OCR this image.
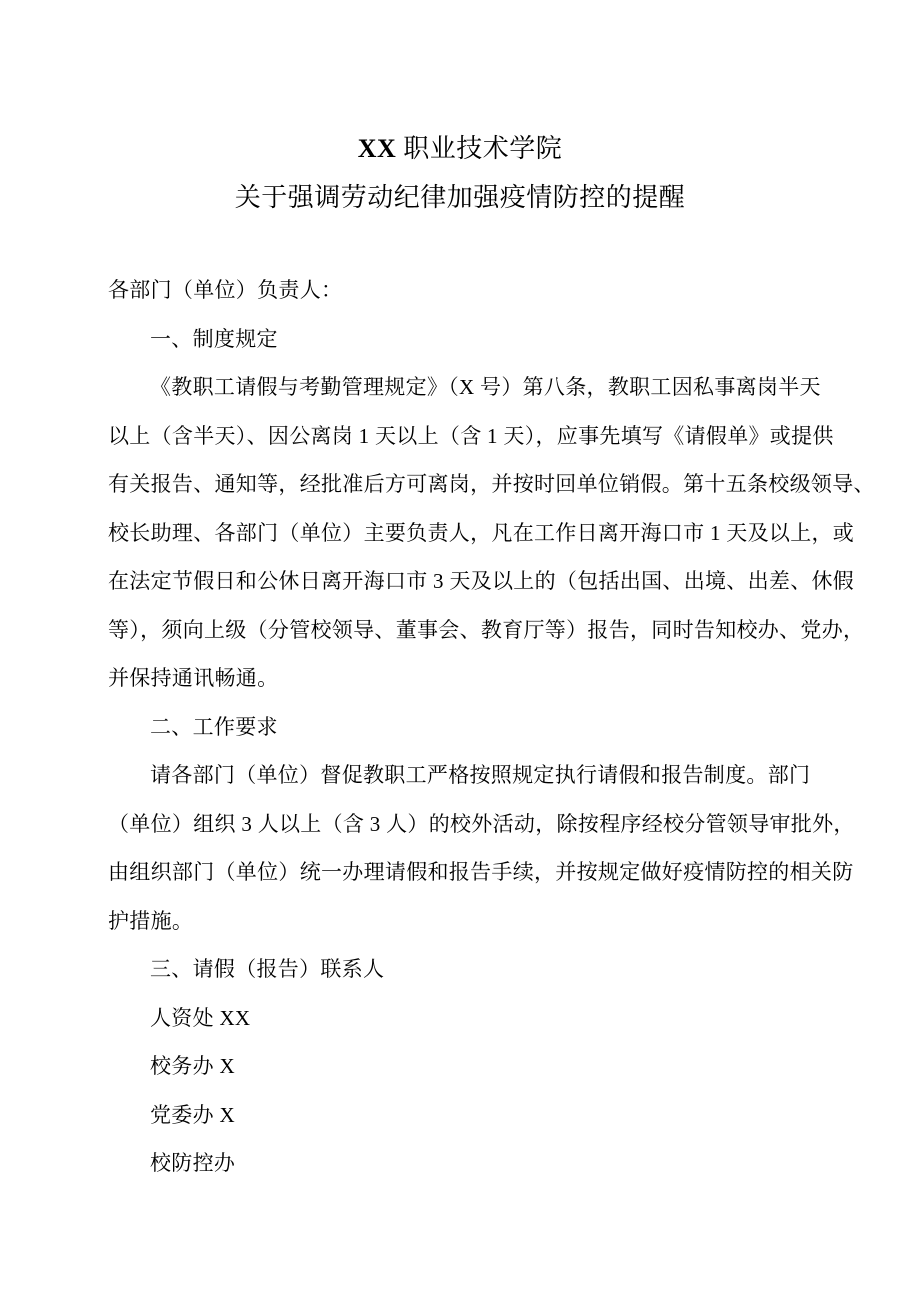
XX 职业技术学院
关于强调劳动纪律加强疫情防控的提醒
各部门（单位）负责人：
一、制度规定
《教职工请假与考勤管理规定》（X 号）第八条，教职工因私事离岗半天
以上（含半天）、因公离岗 1 天以上（含 1 天），应事先填写《请假单》或提供
有关报告、通知等，经批准后方可离岗，并按时回单位销假。第十五条校级领导、
校长助理、各部门（单位）主要负责人，凡在工作日离开海口市 1 天及以上，或
在法定节假日和公休日离开海口市 3 天及以上的（包括出国、出境、出差、休假
等），须向上级（分管校领导、董事会、教育厅等）报告，同时告知校办、党办，
并保持通讯畅通。
二、工作要求
请各部门（单位）督促教职工严格按照规定执行请假和报告制度。部门
（单位）组织 3 人以上（含 3 人）的校外活动，除按程序经校分管领导审批外，
由组织部门（单位）统一办理请假和报告手续，并按规定做好疫情防控的相关防
护措施。
三、请假（报告）联系人
人资处 XX
校务办 X
党委办 X
校防控办
